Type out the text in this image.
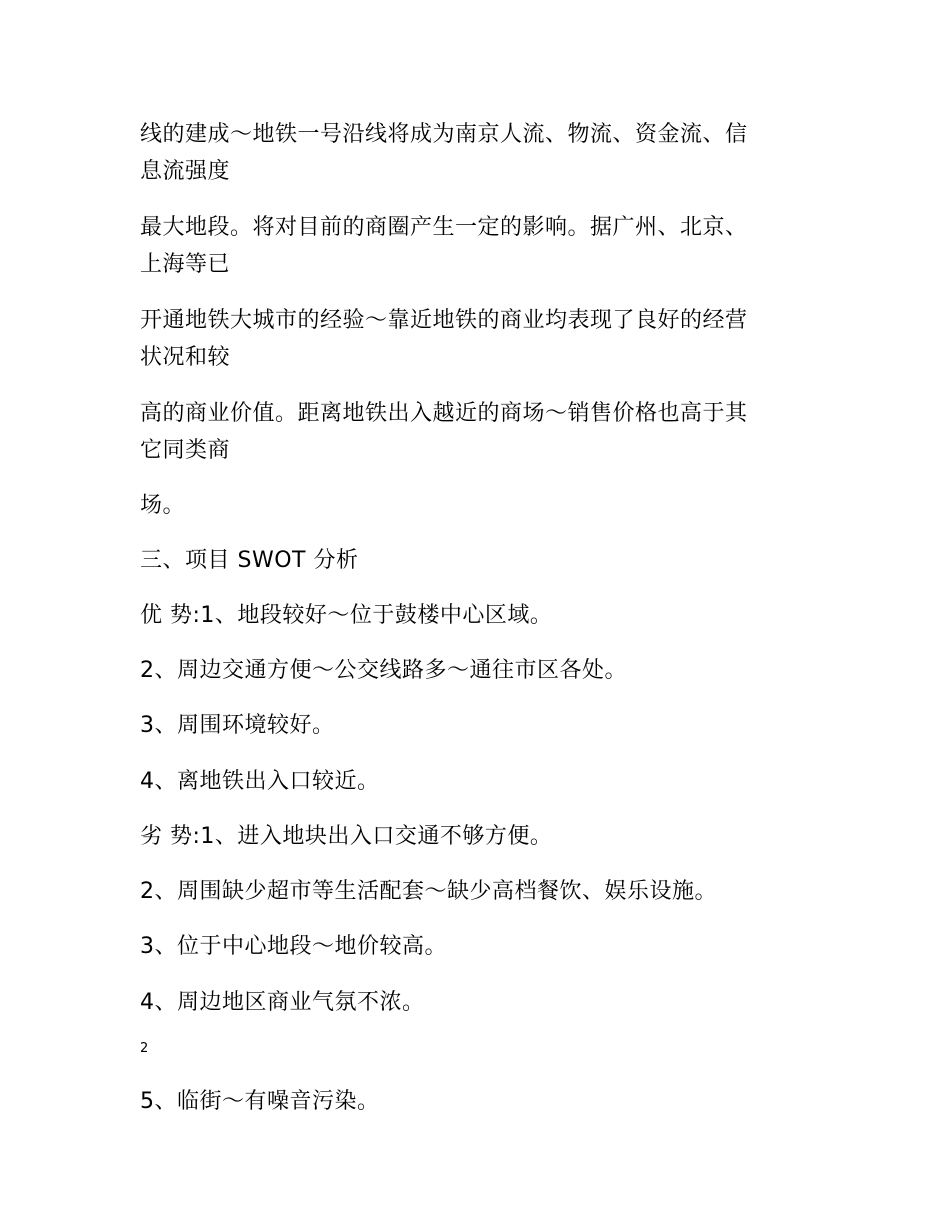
线的建成～地铁一号沿线将成为南京人流、物流、资金流、信
息流强度
最大地段。将对目前的商圈产生一定的影响。据广州、北京、
上海等已
开通地铁大城市的经验～靠近地铁的商业均表现了良好的经营
状况和较
高的商业价值。距离地铁出入越近的商场～销售价格也高于其
它同类商
场。
三、项目 SWOT 分析
优 势:1、地段较好～位于鼓楼中心区域。
2、周边交通方便～公交线路多～通往市区各处。
3、周围环境较好。
4、离地铁出入口较近。
劣 势:1、进入地块出入口交通不够方便。
2、周围缺少超市等生活配套～缺少高档餐饮、娱乐设施。
3、位于中心地段～地价较高。
4、周边地区商业气氛不浓。
2
5、临街～有噪音污染。
